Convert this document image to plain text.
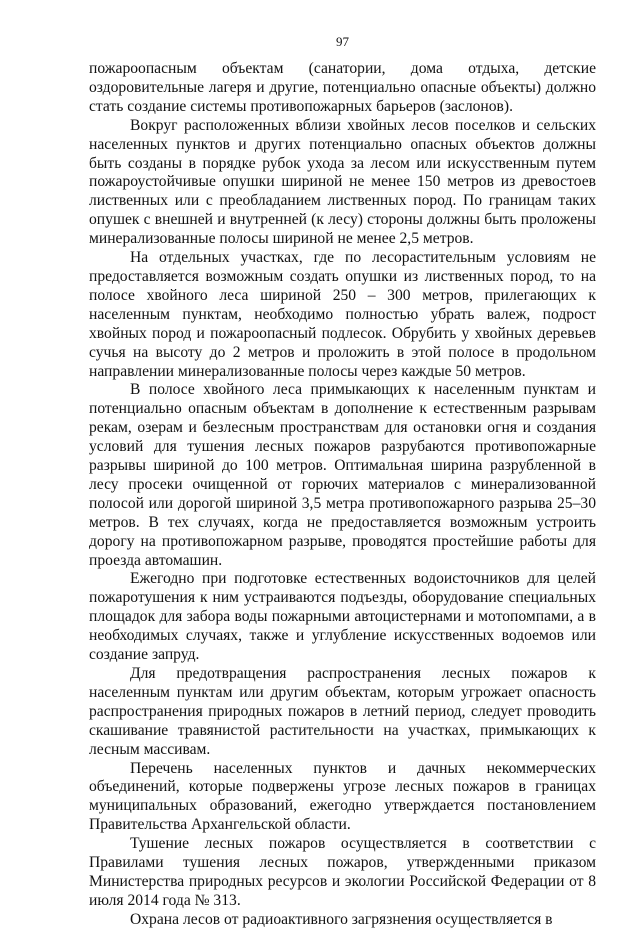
97

пожароопасным объектам (санатории, дома отдыха, детские оздоровительные лагеря и другие, потенциально опасные объекты) должно стать создание системы противопожарных барьеров (заслонов).

Вокруг расположенных вблизи хвойных лесов поселков и сельских населенных пунктов и других потенциально опасных объектов должны быть созданы в порядке рубок ухода за лесом или искусственным путем пожароустойчивые опушки шириной не менее 150 метров из древостоев лиственных или с преобладанием лиственных пород. По границам таких опушек с внешней и внутренней (к лесу) стороны должны быть проложены минерализованные полосы шириной не менее 2,5 метров.

На отдельных участках, где по лесорастительным условиям не предоставляется возможным создать опушки из лиственных пород, то на полосе хвойного леса шириной 250 – 300 метров, прилегающих к населенным пунктам, необходимо полностью убрать валеж, подрост хвойных пород и пожароопасный подлесок. Обрубить у хвойных деревьев сучья на высоту до 2 метров и проложить в этой полосе в продольном направлении минерализованные полосы через каждые 50 метров.

В полосе хвойного леса примыкающих к населенным пунктам и потенциально опасным объектам в дополнение к естественным разрывам рекам, озерам и безлесным пространствам для остановки огня и создания условий для тушения лесных пожаров разрубаются противопожарные разрывы шириной до 100 метров. Оптимальная ширина разрубленной в лесу просеки очищенной от горючих материалов с минерализованной полосой или дорогой шириной 3,5 метра противопожарного разрыва 25–30 метров. В тех случаях, когда не предоставляется возможным устроить дорогу на противопожарном разрыве, проводятся простейшие работы для проезда автомашин.

Ежегодно при подготовке естественных водоисточников для целей пожаротушения к ним устраиваются подъезды, оборудование специальных площадок для забора воды пожарными автоцистернами и мотопомпами, а в необходимых случаях, также и углубление искусственных водоемов или создание запруд.

Для предотвращения распространения лесных пожаров к населенным пунктам или другим объектам, которым угрожает опасность распространения природных пожаров в летний период, следует проводить скашивание травянистой растительности на участках, примыкающих к лесным массивам.

Перечень населенных пунктов и дачных некоммерческих объединений, которые подвержены угрозе лесных пожаров в границах муниципальных образований, ежегодно утверждается постановлением Правительства Архангельской области.

Тушение лесных пожаров осуществляется в соответствии с Правилами тушения лесных пожаров, утвержденными приказом Министерства природных ресурсов и экологии Российской Федерации от 8 июля 2014 года № 313.

Охрана лесов от радиоактивного загрязнения осуществляется в
